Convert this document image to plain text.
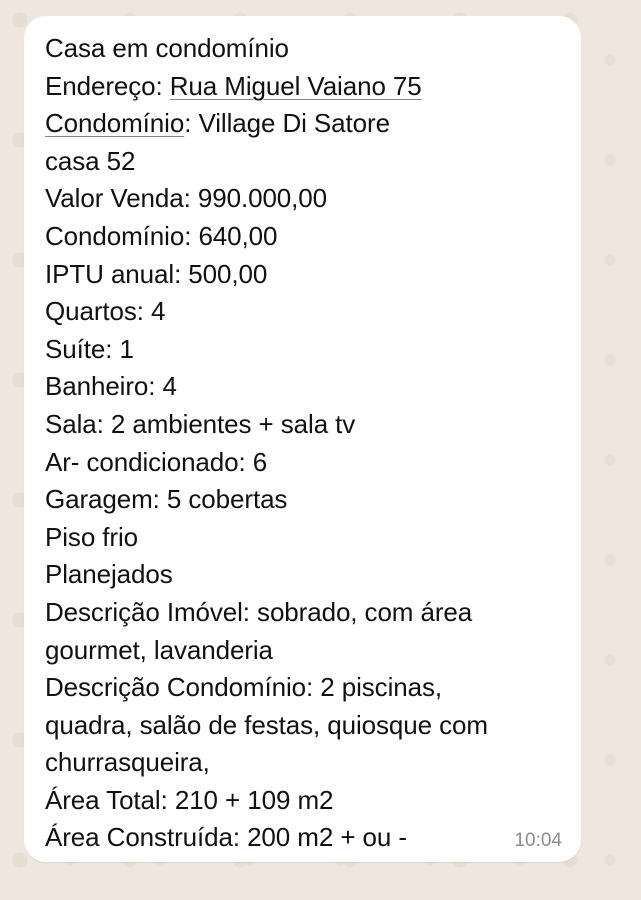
Casa em condomínio
Endereço: Rua Miguel Vaiano 75
Condomínio: Village Di Satore
casa 52
Valor Venda: 990.000,00
Condomínio: 640,00
IPTU anual: 500,00
Quartos: 4
Suíte: 1
Banheiro: 4
Sala: 2 ambientes + sala tv
Ar- condicionado: 6
Garagem: 5 cobertas
Piso frio
Planejados
Descrição Imóvel: sobrado, com área
gourmet, lavanderia
Descrição Condomínio: 2 piscinas,
quadra, salão de festas, quiosque com
churrasqueira,
Área Total: 210 + 109 m2
Área Construída: 200 m2 + ou -	10:04
